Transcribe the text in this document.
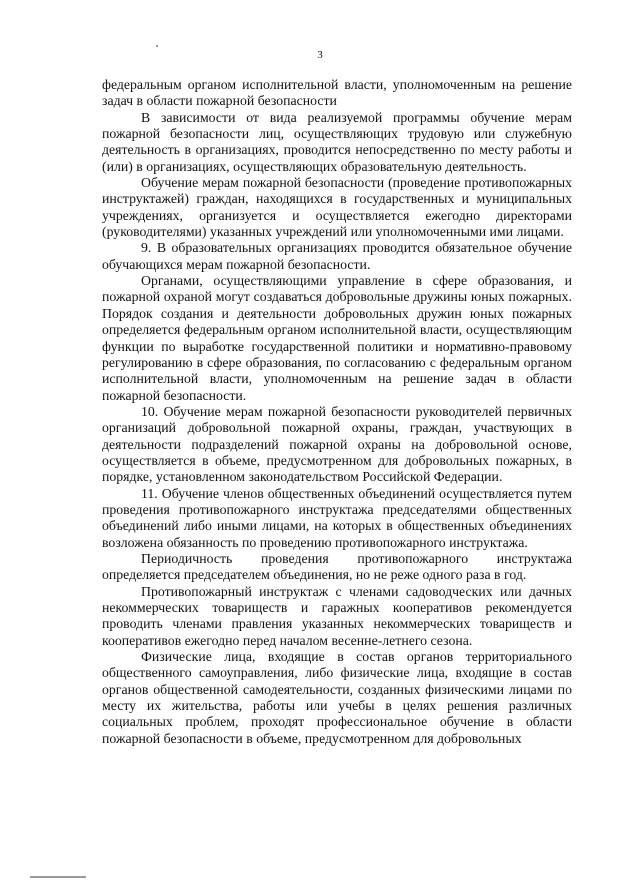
3

федеральным органом исполнительной власти, уполномоченным на решение задач в области пожарной безопасности

В зависимости от вида реализуемой программы обучение мерам пожарной безопасности лиц, осуществляющих трудовую или служебную деятельность в организациях, проводится непосредственно по месту работы и (или) в организациях, осуществляющих образовательную деятельность.

Обучение мерам пожарной безопасности (проведение противопожарных инструктажей) граждан, находящихся в государственных и муниципальных учреждениях, организуется и осуществляется ежегодно директорами (руководителями) указанных учреждений или уполномоченными ими лицами.

9. В образовательных организациях проводится обязательное обучение обучающихся мерам пожарной безопасности.

Органами, осуществляющими управление в сфере образования, и пожарной охраной могут создаваться добровольные дружины юных пожарных. Порядок создания и деятельности добровольных дружин юных пожарных определяется федеральным органом исполнительной власти, осуществляющим функции по выработке государственной политики и нормативно-правовому регулированию в сфере образования, по согласованию с федеральным органом исполнительной власти, уполномоченным на решение задач в области пожарной безопасности.

10. Обучение мерам пожарной безопасности руководителей первичных организаций добровольной пожарной охраны, граждан, участвующих в деятельности подразделений пожарной охраны на добровольной основе, осуществляется в объеме, предусмотренном для добровольных пожарных, в порядке, установленном законодательством Российской Федерации.

11. Обучение членов общественных объединений осуществляется путем проведения противопожарного инструктажа председателями общественных объединений либо иными лицами, на которых в общественных объединениях возложена обязанность по проведению противопожарного инструктажа.

Периодичность проведения противопожарного инструктажа определяется председателем объединения, но не реже одного раза в год.

Противопожарный инструктаж с членами садоводческих или дачных некоммерческих товариществ и гаражных кооперативов рекомендуется проводить членами правления указанных некоммерческих товариществ и кооперативов ежегодно перед началом весенне-летнего сезона.

Физические лица, входящие в состав органов территориального общественного самоуправления, либо физические лица, входящие в состав органов общественной самодеятельности, созданных физическими лицами по месту их жительства, работы или учебы в целях решения различных социальных проблем, проходят профессиональное обучение в области пожарной безопасности в объеме, предусмотренном для добровольных
